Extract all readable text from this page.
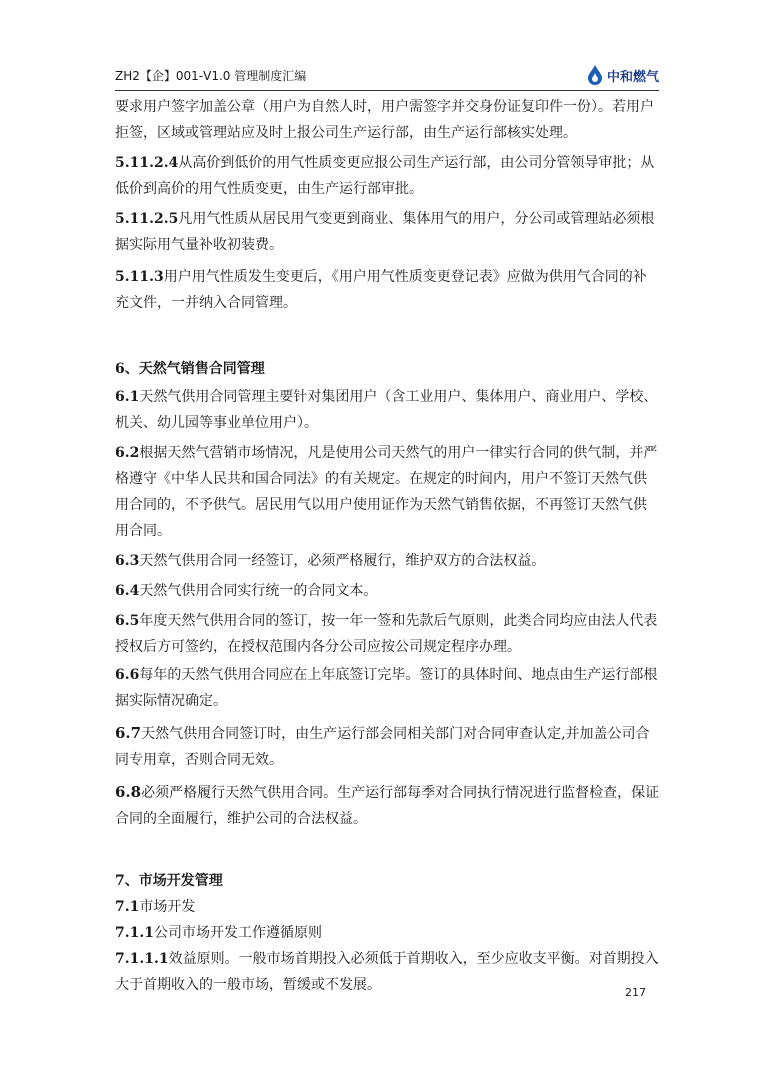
ZH2【企】001-V1.0 管理制度汇编	中和燃气

要求用户签字加盖公章（用户为自然人时，用户需签字并交身份证复印件一份）。若用户拒签，区域或管理站应及时上报公司生产运行部，由生产运行部核实处理。

5.11.2.4从高价到低价的用气性质变更应报公司生产运行部，由公司分管领导审批；从低价到高价的用气性质变更，由生产运行部审批。

5.11.2.5凡用气性质从居民用气变更到商业、集体用气的用户，分公司或管理站必须根据实际用气量补收初装费。

5.11.3用户用气性质发生变更后，《用户用气性质变更登记表》应做为供用气合同的补充文件，一并纳入合同管理。

6、天然气销售合同管理

6.1天然气供用合同管理主要针对集团用户（含工业用户、集体用户、商业用户、学校、机关、幼儿园等事业单位用户）。

6.2根据天然气营销市场情况，凡是使用公司天然气的用户一律实行合同的供气制，并严格遵守《中华人民共和国合同法》的有关规定。在规定的时间内，用户不签订天然气供用合同的，不予供气。居民用气以用户使用证作为天然气销售依据，不再签订天然气供用合同。

6.3天然气供用合同一经签订，必须严格履行，维护双方的合法权益。

6.4天然气供用合同实行统一的合同文本。

6.5年度天然气供用合同的签订，按一年一签和先款后气原则，此类合同均应由法人代表授权后方可签约，在授权范围内各分公司应按公司规定程序办理。

6.6每年的天然气供用合同应在上年底签订完毕。签订的具体时间、地点由生产运行部根据实际情况确定。

6.7天然气供用合同签订时，由生产运行部会同相关部门对合同审查认定,并加盖公司合同专用章，否则合同无效。

6.8必须严格履行天然气供用合同。生产运行部每季对合同执行情况进行监督检查，保证合同的全面履行，维护公司的合法权益。

7、市场开发管理

7.1市场开发

7.1.1公司市场开发工作遵循原则

7.1.1.1效益原则。一般市场首期投入必须低于首期收入，至少应收支平衡。对首期投入大于首期收入的一般市场，暂缓或不发展。	217
